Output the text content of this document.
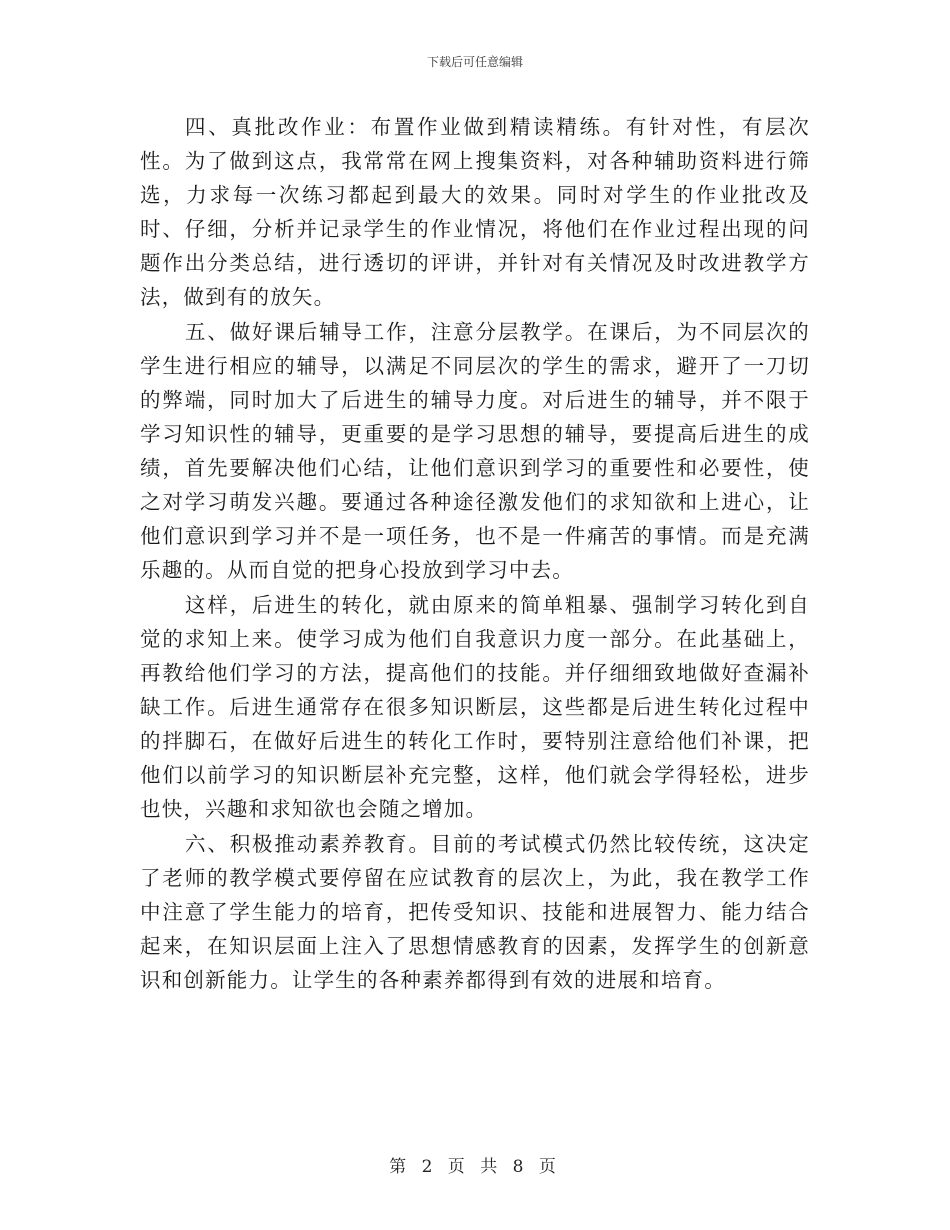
下载后可任意编辑

四、真批改作业：布置作业做到精读精练。有针对性，有层次性。为了做到这点，我常常在网上搜集资料，对各种辅助资料进行筛选，力求每一次练习都起到最大的效果。同时对学生的作业批改及时、仔细，分析并记录学生的作业情况，将他们在作业过程出现的问题作出分类总结，进行透切的评讲，并针对有关情况及时改进教学方法，做到有的放矢。

五、做好课后辅导工作，注意分层教学。在课后，为不同层次的学生进行相应的辅导，以满足不同层次的学生的需求，避开了一刀切的弊端，同时加大了后进生的辅导力度。对后进生的辅导，并不限于学习知识性的辅导，更重要的是学习思想的辅导，要提高后进生的成绩，首先要解决他们心结，让他们意识到学习的重要性和必要性，使之对学习萌发兴趣。要通过各种途径激发他们的求知欲和上进心，让他们意识到学习并不是一项任务，也不是一件痛苦的事情。而是充满乐趣的。从而自觉的把身心投放到学习中去。

这样，后进生的转化，就由原来的简单粗暴、强制学习转化到自觉的求知上来。使学习成为他们自我意识力度一部分。在此基础上，再教给他们学习的方法，提高他们的技能。并仔细细致地做好查漏补缺工作。后进生通常存在很多知识断层，这些都是后进生转化过程中的拌脚石，在做好后进生的转化工作时，要特别注意给他们补课，把他们以前学习的知识断层补充完整，这样，他们就会学得轻松，进步也快，兴趣和求知欲也会随之增加。

六、积极推动素养教育。目前的考试模式仍然比较传统，这决定了老师的教学模式要停留在应试教育的层次上，为此，我在教学工作中注意了学生能力的培育，把传受知识、技能和进展智力、能力结合起来，在知识层面上注入了思想情感教育的因素，发挥学生的创新意识和创新能力。让学生的各种素养都得到有效的进展和培育。

第 2 页 共 8 页
